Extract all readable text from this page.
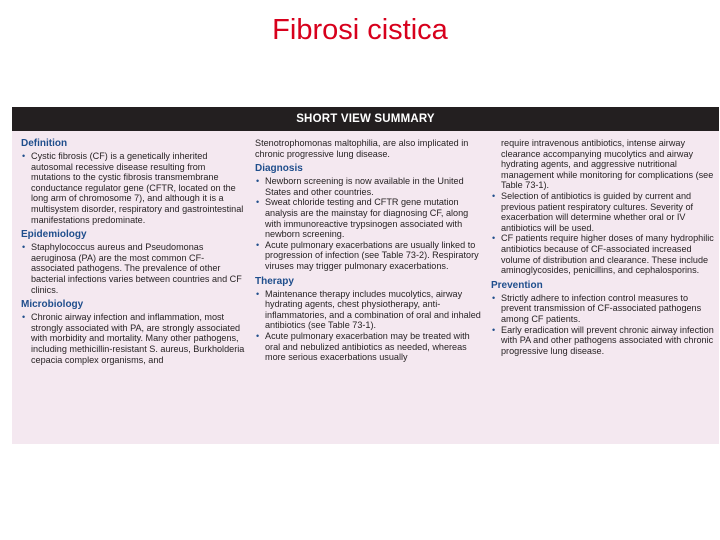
Fibrosi cistica
SHORT VIEW SUMMARY
Definition
• Cystic fibrosis (CF) is a genetically inherited autosomal recessive disease resulting from mutations to the cystic fibrosis transmembrane conductance regulator gene (CFTR, located on the long arm of chromosome 7), and although it is a multisystem disorder, respiratory and gastrointestinal manifestations predominate.
Epidemiology
• Staphylococcus aureus and Pseudomonas aeruginosa (PA) are the most common CF-associated pathogens. The prevalence of other bacterial infections varies between countries and CF clinics.
Microbiology
• Chronic airway infection and inflammation, most strongly associated with PA, are strongly associated with morbidity and mortality. Many other pathogens, including methicillin-resistant S. aureus, Burkholderia cepacia complex organisms, and
Stenotrophomonas maltophilia, are also implicated in chronic progressive lung disease.
Diagnosis
• Newborn screening is now available in the United States and other countries.
• Sweat chloride testing and CFTR gene mutation analysis are the mainstay for diagnosing CF, along with immunoreactive trypsinogen associated with newborn screening.
• Acute pulmonary exacerbations are usually linked to progression of infection (see Table 73-2). Respiratory viruses may trigger pulmonary exacerbations.
Therapy
• Maintenance therapy includes mucolytics, airway hydrating agents, chest physiotherapy, anti-inflammatories, and a combination of oral and inhaled antibiotics (see Table 73-1).
• Acute pulmonary exacerbation may be treated with oral and nebulized antibiotics as needed, whereas more serious exacerbations usually
require intravenous antibiotics, intense airway clearance accompanying mucolytics and airway hydrating agents, and aggressive nutritional management while monitoring for complications (see Table 73-1).
• Selection of antibiotics is guided by current and previous patient respiratory cultures. Severity of exacerbation will determine whether oral or IV antibiotics will be used.
• CF patients require higher doses of many hydrophilic antibiotics because of CF-associated increased volume of distribution and clearance. These include aminoglycosides, penicillins, and cephalosporins.
Prevention
• Strictly adhere to infection control measures to prevent transmission of CF-associated pathogens among CF patients.
• Early eradication will prevent chronic airway infection with PA and other pathogens associated with chronic progressive lung disease.
